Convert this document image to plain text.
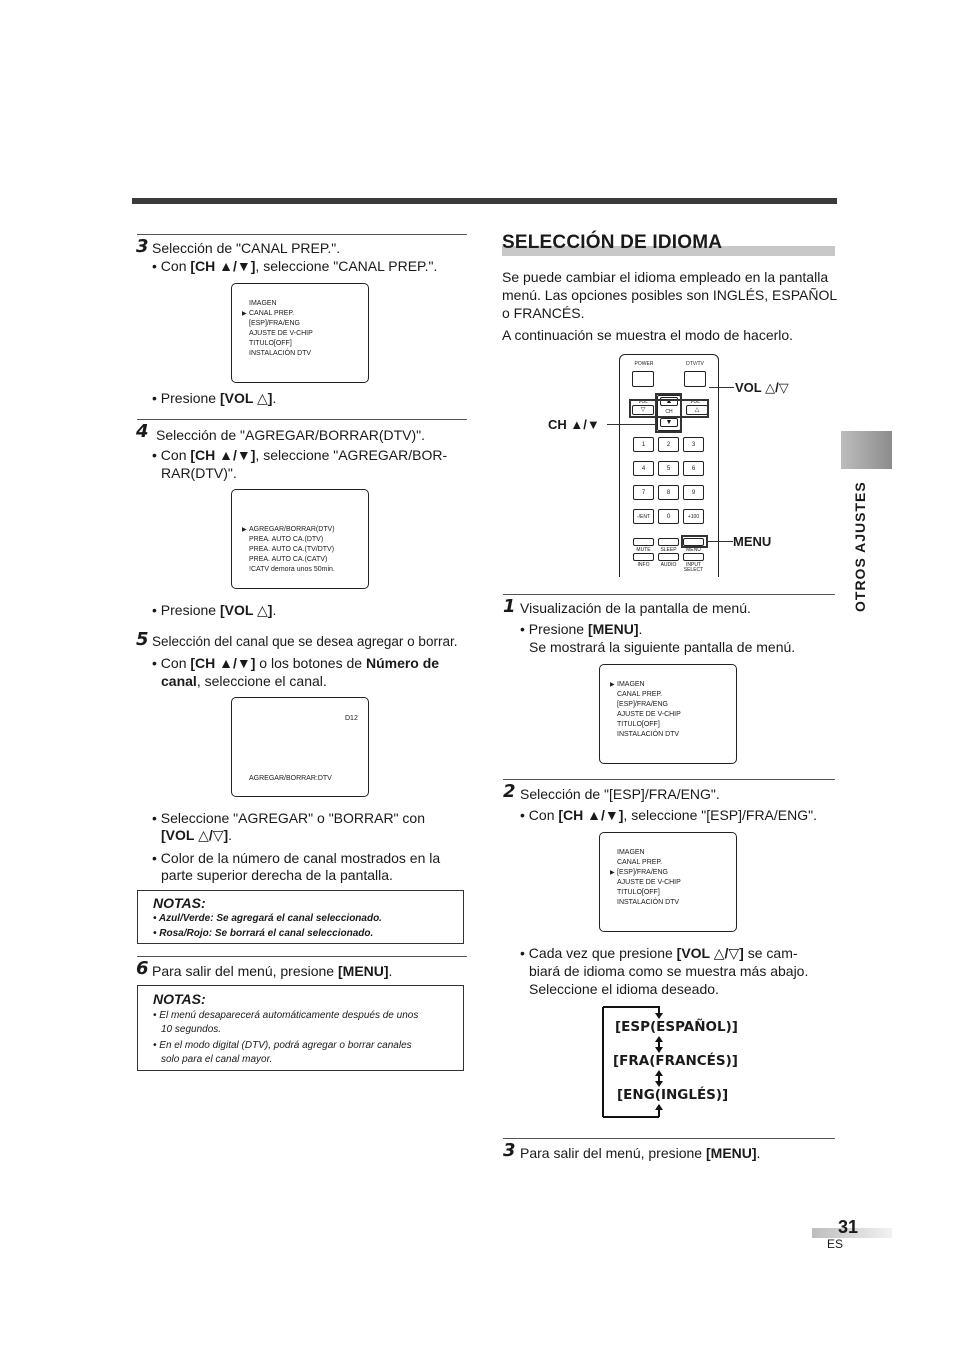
3 Selección de "CANAL PREP.".
• Con [CH ▲/▼], seleccione "CANAL PREP.".
IMAGEN
▶ CANAL PREP.
[ESP]/FRA/ENG
AJUSTE DE V-CHIP
TITULO[OFF]
INSTALACIÓN DTV
• Presione [VOL △].
4 Selección de "AGREGAR/BORRAR(DTV)".
• Con [CH ▲/▼], seleccione "AGREGAR/BOR-
RAR(DTV)".
▶ AGREGAR/BORRAR(DTV)
PREA. AUTO CA.(DTV)
PREA. AUTO CA.(TV/DTV)
PREA. AUTO CA.(CATV)
!CATV demora unos 50min.
• Presione [VOL △].
5 Selección del canal que se desea agregar o borrar.
• Con [CH ▲/▼] o los botones de Número de
canal, seleccione el canal.
D12
AGREGAR/BORRAR:DTV
• Seleccione "AGREGAR" o "BORRAR" con
[VOL △/▽].
• Color de la número de canal mostrados en la
parte superior derecha de la pantalla.
NOTAS:
• Azul/Verde: Se agregará el canal seleccionado.
• Rosa/Rojo: Se borrará el canal seleccionado.
6 Para salir del menú, presione [MENU].
NOTAS:
• El menú desaparecerá automáticamente después de unos
10 segundos.
• En el modo digital (DTV), podrá agregar o borrar canales
solo para el canal mayor.
SELECCIÓN DE IDIOMA
Se puede cambiar el idioma empleado en la pantalla
menú. Las opciones posibles son INGLÉS, ESPAÑOL
o FRANCÉS.
A continuación se muestra el modo de hacerlo.
POWER	DTV/TV
VOL	VOL
▽	△
▲
CH
▼
1	2	3
4	5	6
7	8	9
-/ENT	0	+100
MUTE	SLEEP	MENU
INFO	AUDIO	INPUT
SELECT
VOL △/▽
CH ▲/▼
MENU
1 Visualización de la pantalla de menú.
• Presione [MENU].
Se mostrará la siguiente pantalla de menú.
▶ IMAGEN
CANAL PREP.
[ESP]/FRA/ENG
AJUSTE DE V-CHIP
TITULO[OFF]
INSTALACIÓN DTV
2 Selección de "[ESP]/FRA/ENG".
• Con [CH ▲/▼], seleccione "[ESP]/FRA/ENG".
IMAGEN
CANAL PREP.
▶ [ESP]/FRA/ENG
AJUSTE DE V-CHIP
TITULO[OFF]
INSTALACIÓN DTV
• Cada vez que presione [VOL △/▽] se cam-
biará de idioma como se muestra más abajo.
Seleccione el idioma deseado.
[ESP(ESPAÑOL)]
[FRA(FRANCÉS)]
[ENG(INGLÉS)]
3 Para salir del menú, presione [MENU].
OTROS AJUSTES
31
ES
